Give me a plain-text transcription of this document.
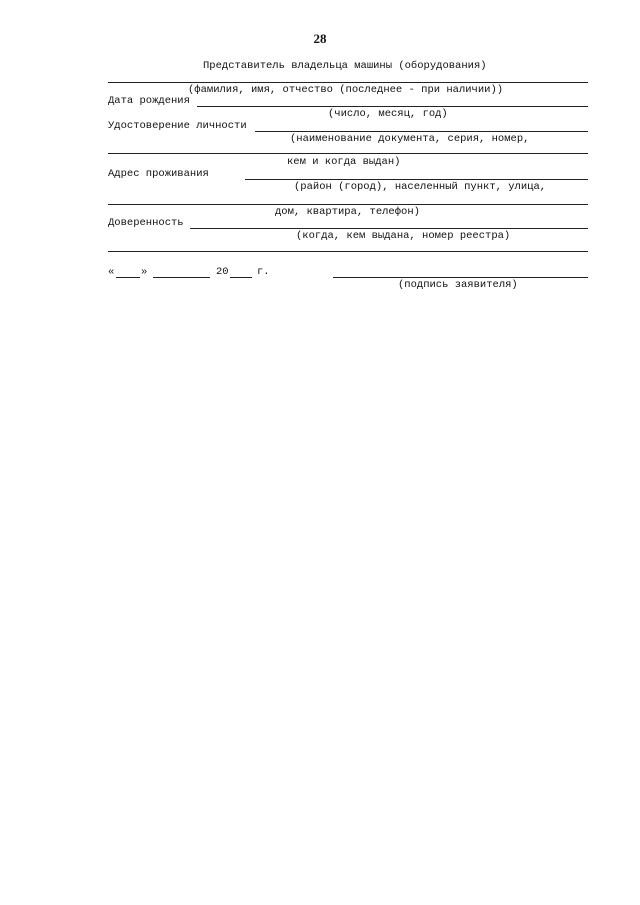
28
Представитель владельца машины (оборудования)
(фамилия, имя, отчество (последнее - при наличии))
Дата рождения
(число, месяц, год)
Удостоверение личности
(наименование документа, серия, номер,
кем и когда выдан)
Адрес проживания
(район (город), населенный пункт, улица,
дом, квартира, телефон)
Доверенность
(когда, кем выдана, номер реестра)
«	»	20	г.
(подпись заявителя)
